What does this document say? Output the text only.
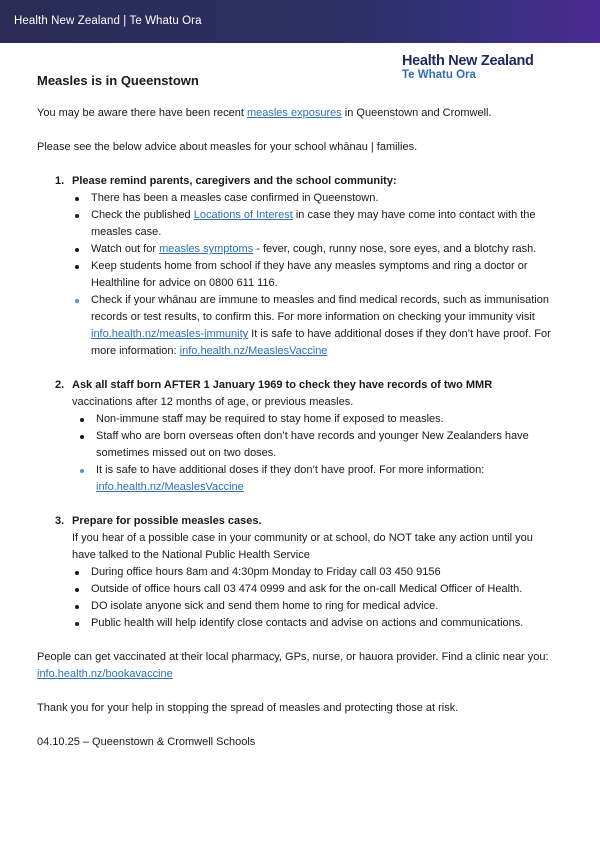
Health New Zealand | Te Whatu Ora
Health New Zealand
Te Whatu Ora
Measles is in Queenstown

You may be aware there have been recent measles exposures in Queenstown and Cromwell.

Please see the below advice about measles for your school whānau | families.

1. Please remind parents, caregivers and the school community:
There has been a measles case confirmed in Queenstown.
Check the published Locations of Interest in case they may have come into contact with the measles case.
Watch out for measles symptoms - fever, cough, runny nose, sore eyes, and a blotchy rash.
Keep students home from school if they have any measles symptoms and ring a doctor or Healthline for advice on 0800 611 116.
Check if your whānau are immune to measles and find medical records, such as immunisation records or test results, to confirm this. For more information on checking your immunity visit info.health.nz/measles-immunity It is safe to have additional doses if they don’t have proof. For more information: info.health.nz/MeaslesVaccine
2. Ask all staff born AFTER 1 January 1969 to check they have records of two MMR
vaccinations after 12 months of age, or previous measles.
Non-immune staff may be required to stay home if exposed to measles.
Staff who are born overseas often don’t have records and younger New Zealanders have sometimes missed out on two doses.
It is safe to have additional doses if they don’t have proof. For more information: info.health.nz/MeaslesVaccine
3. Prepare for possible measles cases.
If you hear of a possible case in your community or at school, do NOT take any action until you have talked to the National Public Health Service
During office hours 8am and 4:30pm Monday to Friday call 03 450 9156
Outside of office hours call 03 474 0999 and ask for the on-call Medical Officer of Health.
DO isolate anyone sick and send them home to ring for medical advice.
Public health will help identify close contacts and advise on actions and communications.

People can get vaccinated at their local pharmacy, GPs, nurse, or hauora provider. Find a clinic near you: info.health.nz/bookavaccine

Thank you for your help in stopping the spread of measles and protecting those at risk.

04.10.25 – Queenstown & Cromwell Schools
